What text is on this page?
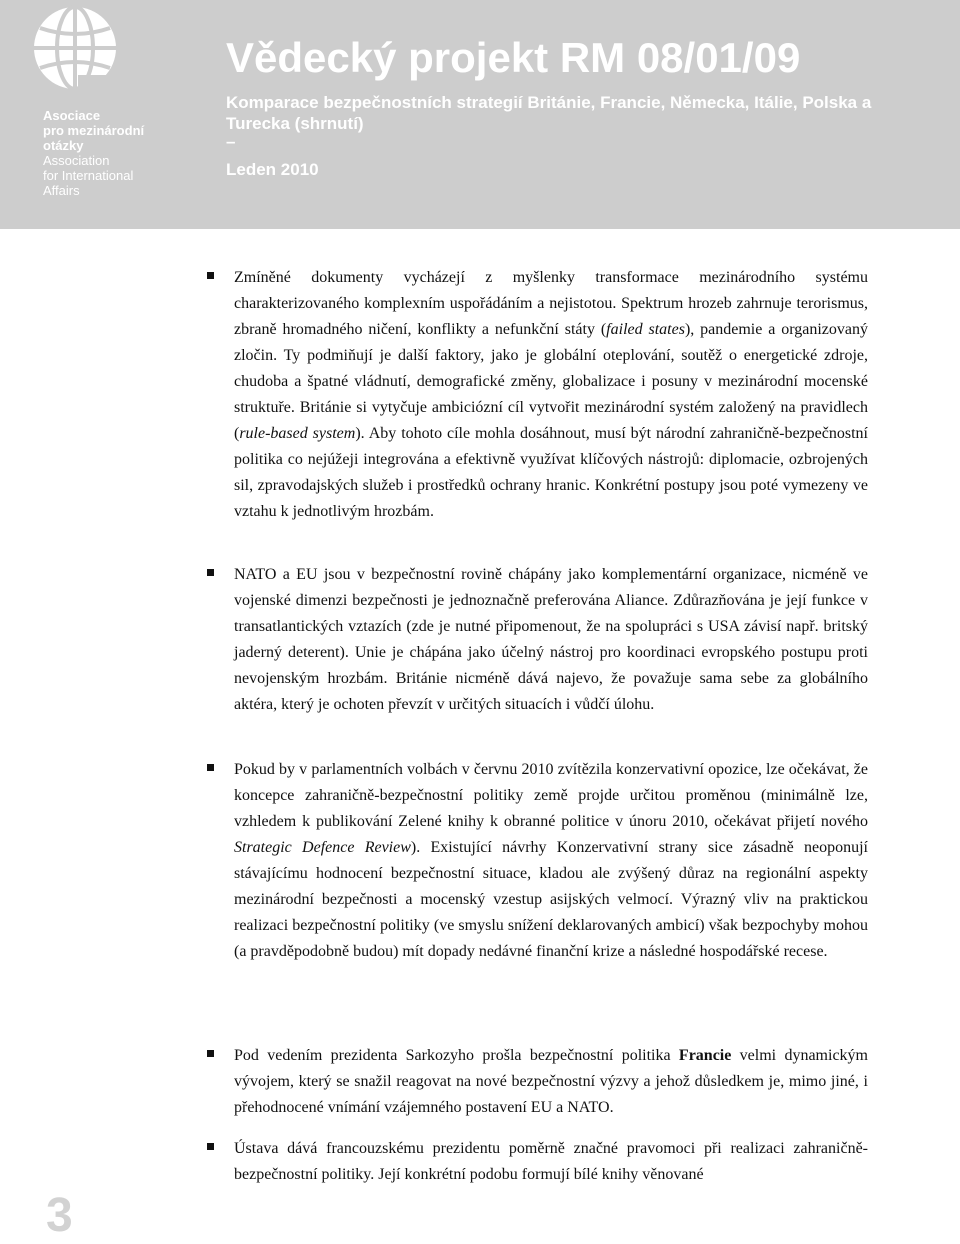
Asociace
pro mezinárodní
otázky
Association
for International
Affairs
Vědecký projekt RM 08/01/09

Komparace bezpečnostních strategií Británie, Francie, Německa, Itálie, Polska a Turecka (shrnutí)

–
Leden 2010

Zmíněné dokumenty vycházejí z myšlenky transformace mezinárodního systému charakterizovaného komplexním uspořádáním a nejistotou. Spektrum hrozeb zahrnuje terorismus, zbraně hromadného ničení, konflikty a nefunkční státy (failed states), pandemie a organizovaný zločin. Ty podmiňují je další faktory, jako je globální oteplování, soutěž o energetické zdroje, chudoba a špatné vládnutí, demografické změny, globalizace i posuny v mezinárodní mocenské struktuře. Británie si vytyčuje ambiciózní cíl vytvořit mezinárodní systém založený na pravidlech (rule-based system). Aby tohoto cíle mohla dosáhnout, musí být národní zahraničně-bezpečnostní politika co nejúžeji integrována a efektivně využívat klíčových nástrojů: diplomacie, ozbrojených sil, zpravodajských služeb i prostředků ochrany hranic. Konkrétní postupy jsou poté vymezeny ve vztahu k jednotlivým hrozbám.

NATO a EU jsou v bezpečnostní rovině chápány jako komplementární organizace, nicméně ve vojenské dimenzi bezpečnosti je jednoznačně preferována Aliance. Zdůrazňována je její funkce v transatlantických vztazích (zde je nutné připomenout, že na spolupráci s USA závisí např. britský jaderný deterent). Unie je chápána jako účelný nástroj pro koordinaci evropského postupu proti nevojenským hrozbám. Británie nicméně dává najevo, že považuje sama sebe za globálního aktéra, který je ochoten převzít v určitých situacích i vůdčí úlohu.

Pokud by v parlamentních volbách v červnu 2010 zvítězila konzervativní opozice, lze očekávat, že koncepce zahraničně-bezpečnostní politiky země projde určitou proměnou (minimálně lze, vzhledem k publikování Zelené knihy k obranné politice v únoru 2010, očekávat přijetí nového Strategic Defence Review). Existující návrhy Konzervativní strany sice zásadně neoponují stávajícímu hodnocení bezpečnostní situace, kladou ale zvýšený důraz na regionální aspekty mezinárodní bezpečnosti a mocenský vzestup asijských velmocí. Výrazný vliv na praktickou realizaci bezpečnostní politiky (ve smyslu snížení deklarovaných ambicí) však bezpochyby mohou (a pravděpodobně budou) mít dopady nedávné finanční krize a následné hospodářské recese.

Pod vedením prezidenta Sarkozyho prošla bezpečnostní politika Francie velmi dynamickým vývojem, který se snažil reagovat na nové bezpečnostní výzvy a jehož důsledkem je, mimo jiné, i přehodnocené vnímání vzájemného postavení EU a NATO.

Ústava dává francouzskému prezidentu poměrně značné pravomoci při realizaci zahraničně-bezpečnostní politiky. Její konkrétní podobu formují bílé knihy věnované

3
